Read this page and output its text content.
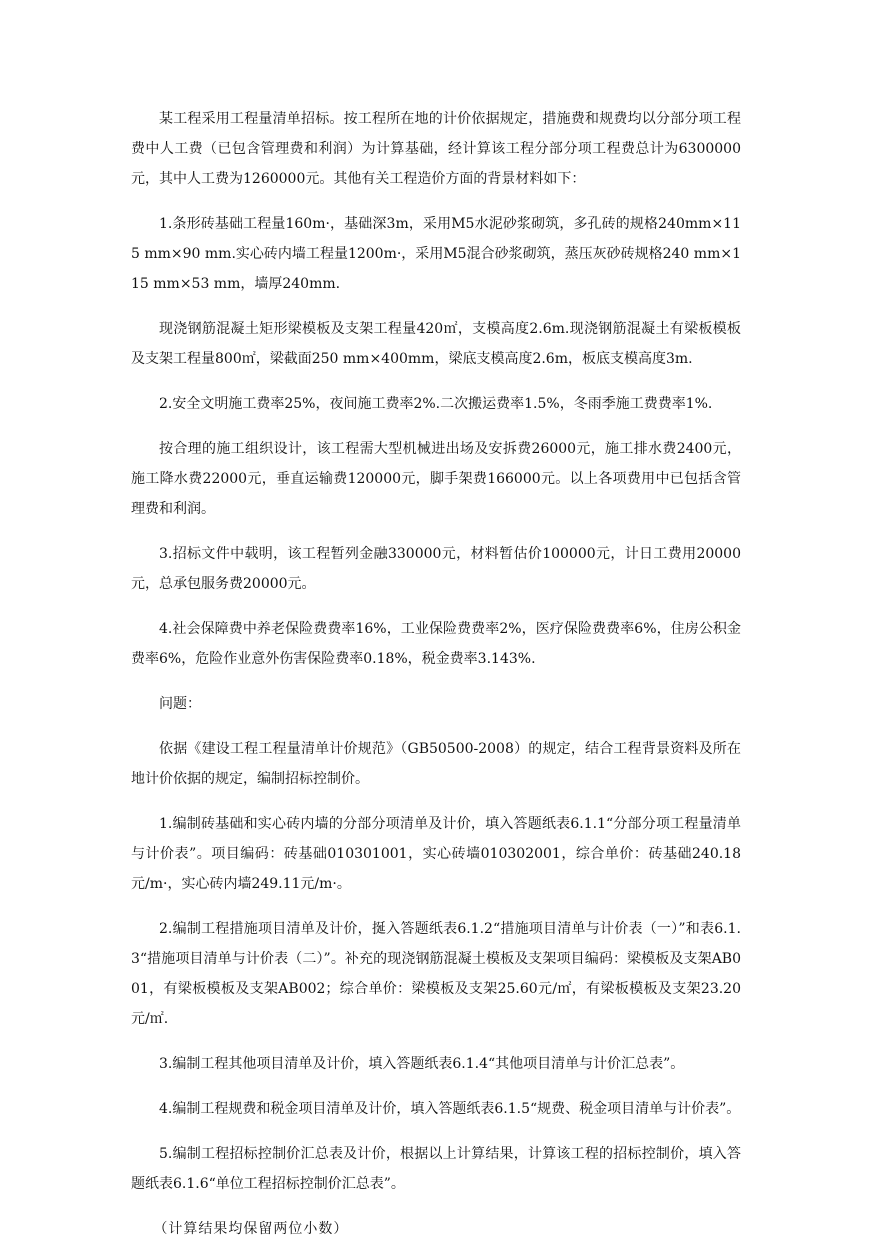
某工程采用工程量清单招标。按工程所在地的计价依据规定，措施费和规费均以分部分项工程费中人工费（已包含管理费和利润）为计算基础，经计算该工程分部分项工程费总计为6300000元，其中人工费为1260000元。其他有关工程造价方面的背景材料如下：

1.条形砖基础工程量160m·，基础深3m，采用M5水泥砂浆砌筑，多孔砖的规格240mm×115 mm×90 mm.实心砖内墙工程量1200m·，采用M5混合砂浆砌筑，蒸压灰砂砖规格240 mm×115 mm×53 mm，墙厚240mm.

现浇钢筋混凝土矩形梁模板及支架工程量420㎡，支模高度2.6m.现浇钢筋混凝土有梁板模板及支架工程量800㎡，梁截面250 mm×400mm，梁底支模高度2.6m，板底支模高度3m.

2.安全文明施工费率25%，夜间施工费率2%.二次搬运费率1.5%，冬雨季施工费费率1%.

按合理的施工组织设计，该工程需大型机械进出场及安拆费26000元，施工排水费2400元，施工降水费22000元，垂直运输费120000元，脚手架费166000元。以上各项费用中已包括含管理费和利润。

3.招标文件中载明，该工程暂列金融330000元，材料暂估价100000元，计日工费用20000元，总承包服务费20000元。

4.社会保障费中养老保险费费率16%，工业保险费费率2%，医疗保险费费率6%，住房公积金费率6%，危险作业意外伤害保险费率0.18%，税金费率3.143%.

问题：

依据《建设工程工程量清单计价规范》（GB50500-2008）的规定，结合工程背景资料及所在地计价依据的规定，编制招标控制价。

1.编制砖基础和实心砖内墙的分部分项清单及计价，填入答题纸表6.1.1“分部分项工程量清单与计价表”。项目编码：砖基础010301001，实心砖墙010302001，综合单价：砖基础240.18元/m·，实心砖内墙249.11元/m·。

2.编制工程措施项目清单及计价，挻入答题纸表6.1.2“措施项目清单与计价表（一）”和表6.1.3“措施项目清单与计价表（二）”。补充的现浇钢筋混凝土模板及支架项目编码：梁模板及支架AB001，有梁板模板及支架AB002；综合单价：梁模板及支架25.60元/㎡，有梁板模板及支架23.20元/㎡.

3.编制工程其他项目清单及计价，填入答题纸表6.1.4“其他项目清单与计价汇总表”。

4.编制工程规费和税金项目清单及计价，填入答题纸表6.1.5“规费、税金项目清单与计价表”。

5.编制工程招标控制价汇总表及计价，根据以上计算结果，计算该工程的招标控制价，填入答题纸表6.1.6“单位工程招标控制价汇总表”。

（计算结果均保留两位小数）
